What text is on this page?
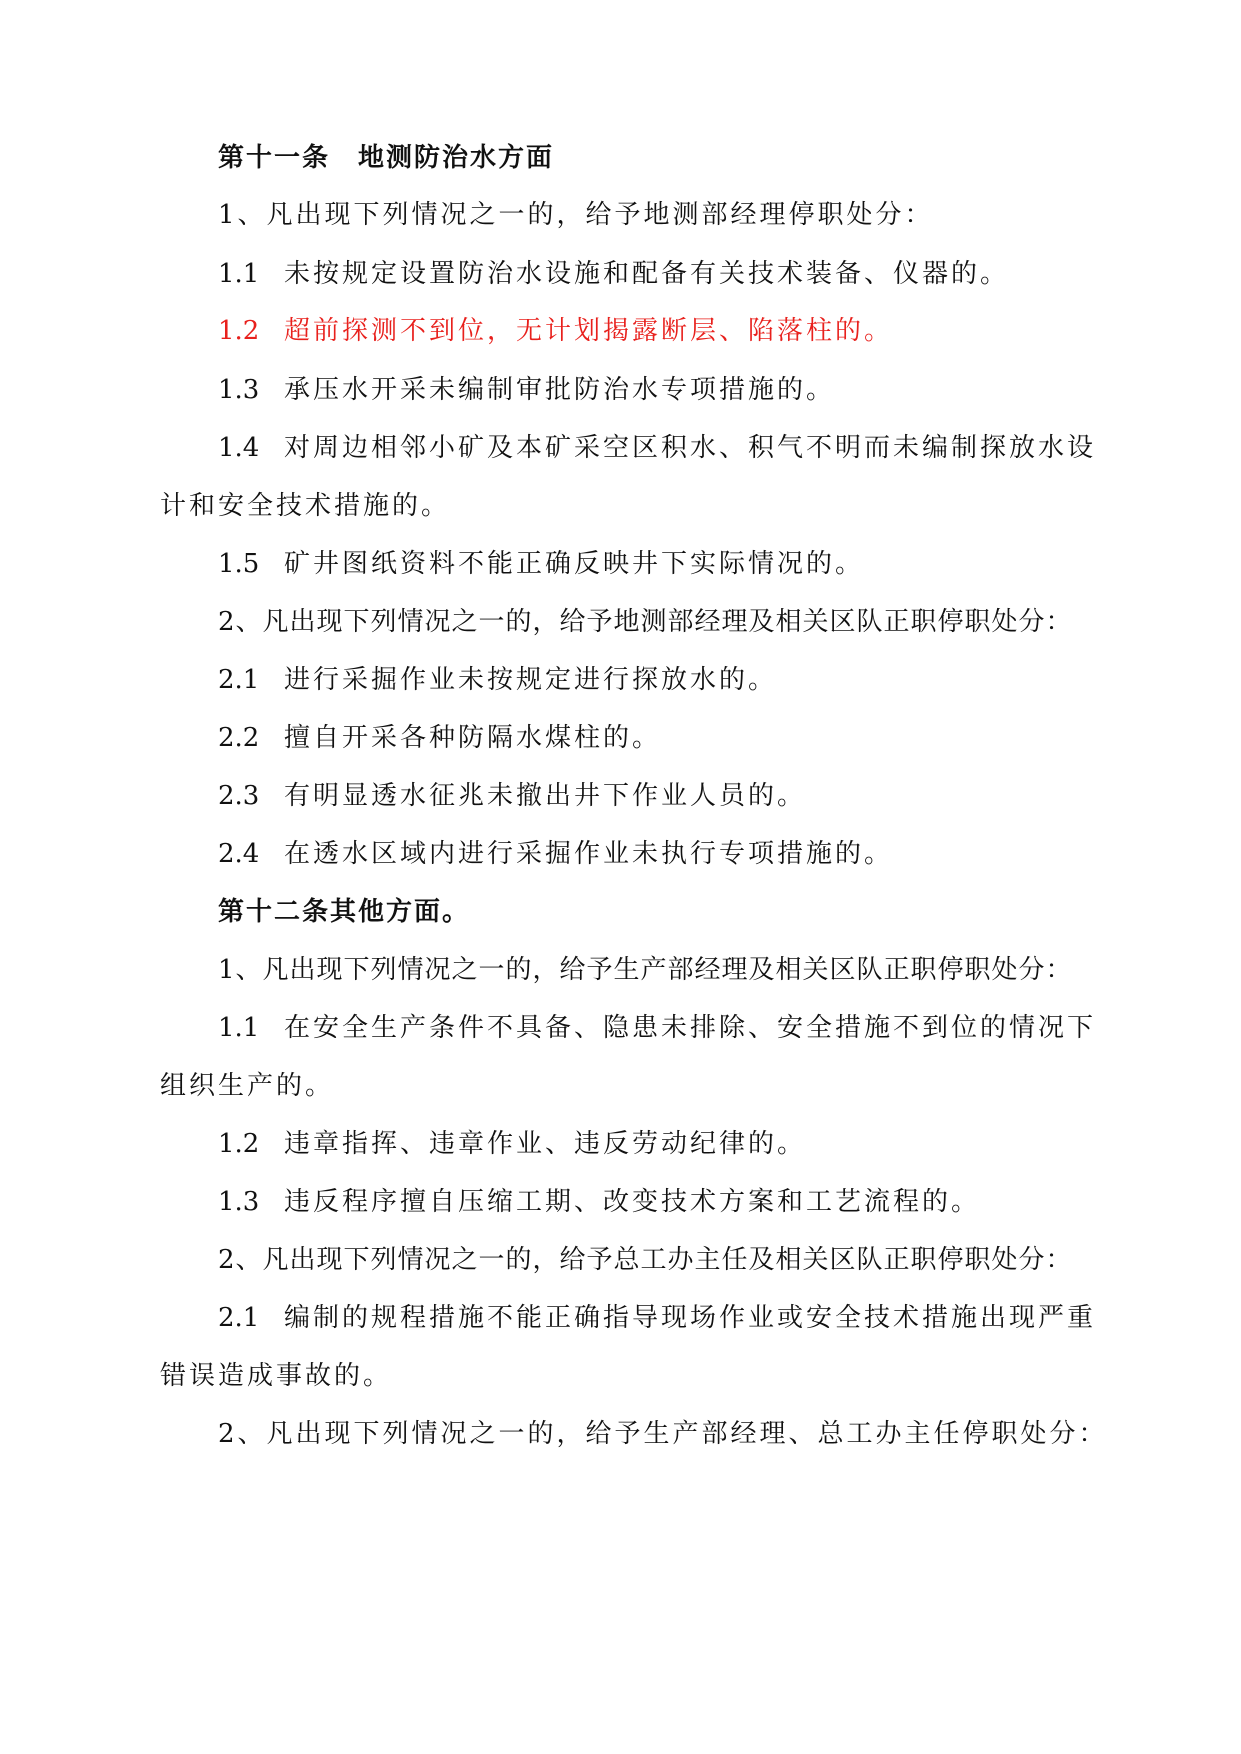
第十一条　地测防治水方面
1、凡出现下列情况之一的，给予地测部经理停职处分：
1.1 未按规定设置防治水设施和配备有关技术装备、仪器的。
1.2 超前探测不到位，无计划揭露断层、陷落柱的。
1.3 承压水开采未编制审批防治水专项措施的。
1.4 对周边相邻小矿及本矿采空区积水、积气不明而未编制探放水设
计和安全技术措施的。
1.5 矿井图纸资料不能正确反映井下实际情况的。
2、凡出现下列情况之一的，给予地测部经理及相关区队正职停职处分：
2.1 进行采掘作业未按规定进行探放水的。
2.2 擅自开采各种防隔水煤柱的。
2.3 有明显透水征兆未撤出井下作业人员的。
2.4 在透水区域内进行采掘作业未执行专项措施的。
第十二条其他方面。
1、凡出现下列情况之一的，给予生产部经理及相关区队正职停职处分：
1.1 在安全生产条件不具备、隐患未排除、安全措施不到位的情况下
组织生产的。
1.2 违章指挥、违章作业、违反劳动纪律的。
1.3 违反程序擅自压缩工期、改变技术方案和工艺流程的。
2、凡出现下列情况之一的，给予总工办主任及相关区队正职停职处分：
2.1 编制的规程措施不能正确指导现场作业或安全技术措施出现严重
错误造成事故的。
2、凡出现下列情况之一的，给予生产部经理、总工办主任停职处分：
